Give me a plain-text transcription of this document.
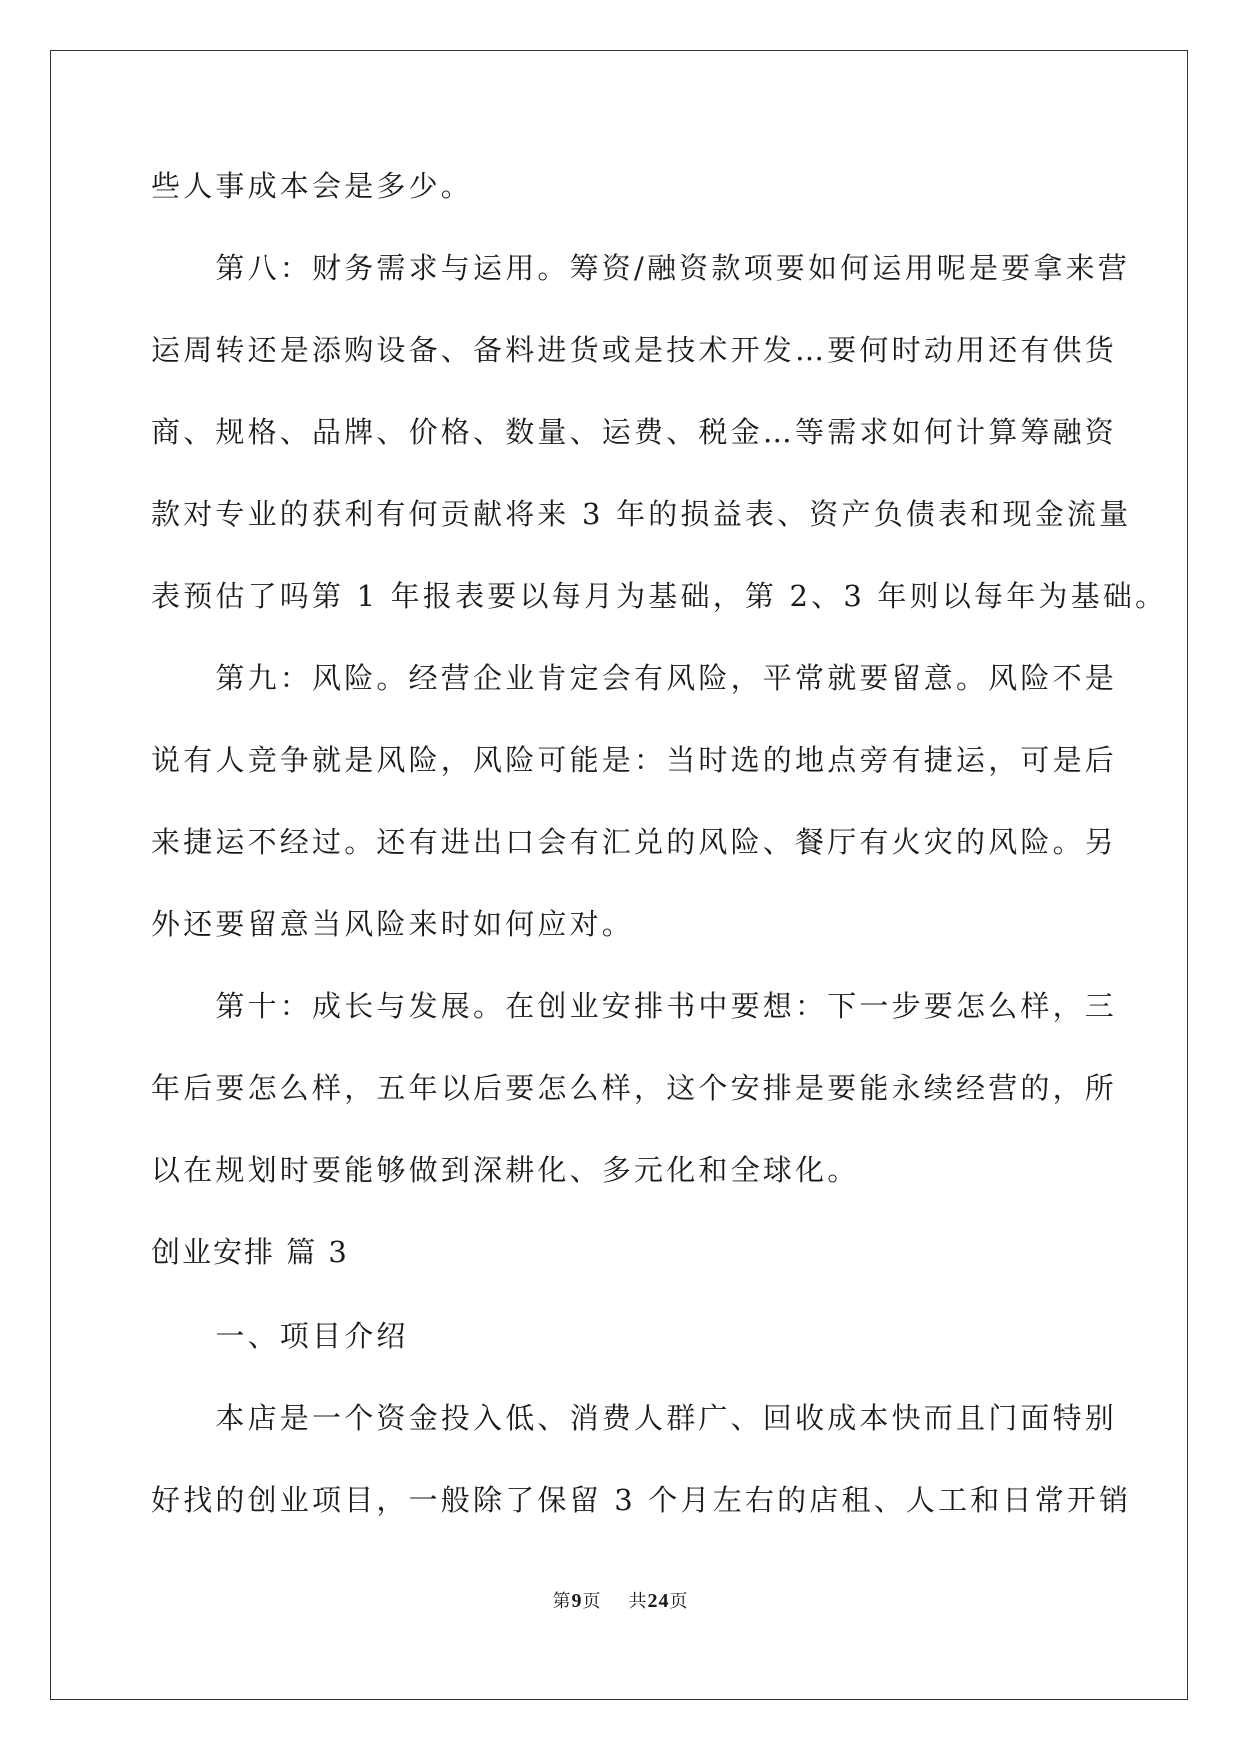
些人事成本会是多少。
　　第八：财务需求与运用。筹资/融资款项要如何运用呢是要拿来营
运周转还是添购设备、备料进货或是技术开发…要何时动用还有供货
商、规格、品牌、价格、数量、运费、税金…等需求如何计算筹融资
款对专业的获利有何贡献将来 3 年的损益表、资产负债表和现金流量
表预估了吗第 1 年报表要以每月为基础，第 2、3 年则以每年为基础。
　　第九：风险。经营企业肯定会有风险，平常就要留意。风险不是
说有人竞争就是风险，风险可能是：当时选的地点旁有捷运，可是后
来捷运不经过。还有进出口会有汇兑的风险、餐厅有火灾的风险。另
外还要留意当风险来时如何应对。
　　第十：成长与发展。在创业安排书中要想：下一步要怎么样，三
年后要怎么样，五年以后要怎么样，这个安排是要能永续经营的，所
以在规划时要能够做到深耕化、多元化和全球化。
创业安排 篇 3
　　一、项目介绍
　　本店是一个资金投入低、消费人群广、回收成本快而且门面特别
好找的创业项目，一般除了保留 3 个月左右的店租、人工和日常开销
第9页 共24页
